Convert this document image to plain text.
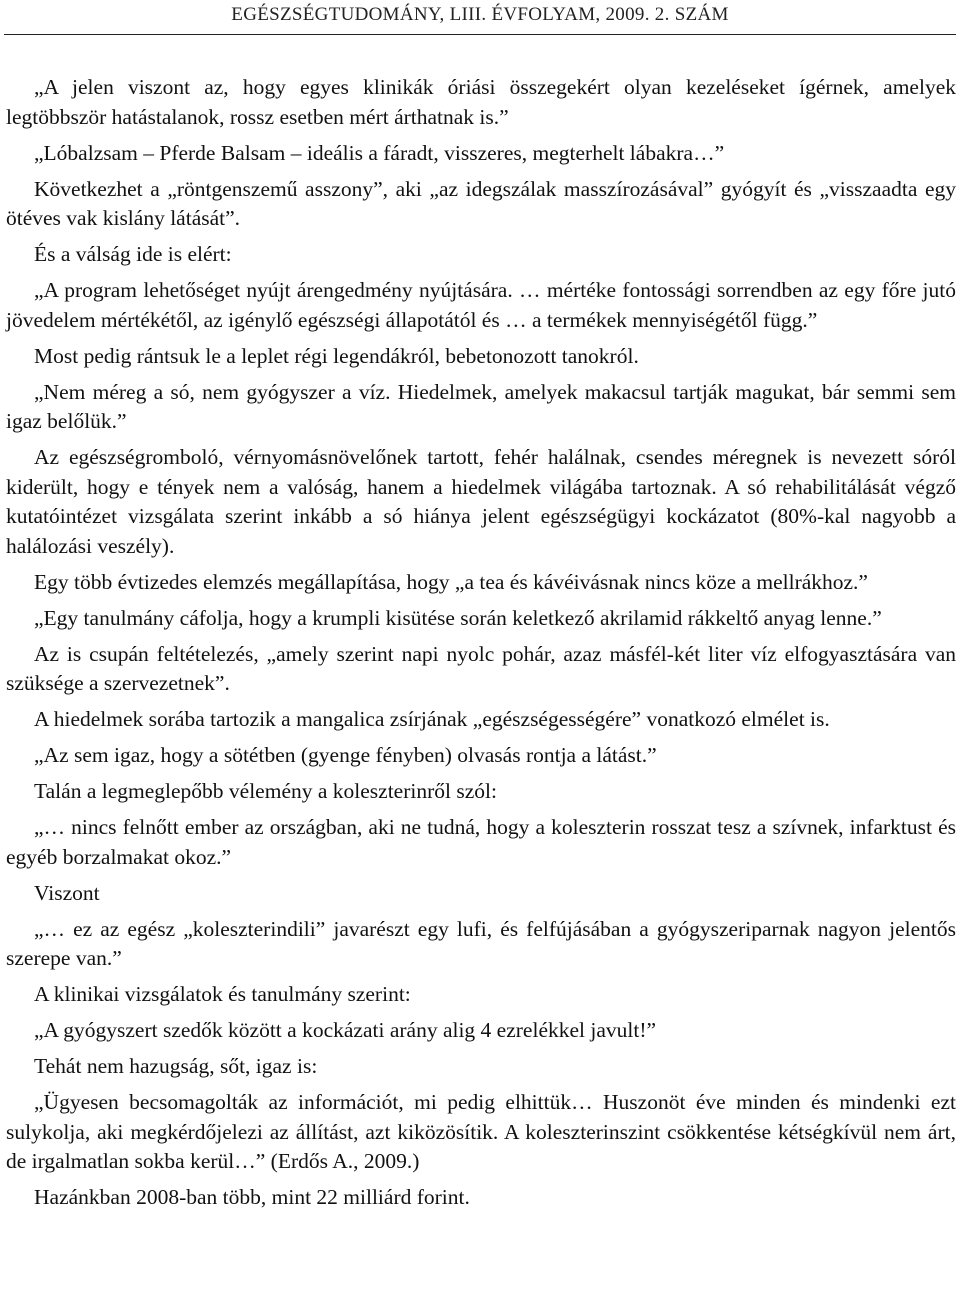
EGÉSZSÉGTUDOMÁNY, LIII. ÉVFOLYAM, 2009. 2. SZÁM

„A jelen viszont az, hogy egyes klinikák óriási összegekért olyan kezeléseket ígérnek, amelyek legtöbbször hatástalanok, rossz esetben mért árthatnak is.”

„Lóbalzsam – Pferde Balsam – ideális a fáradt, visszeres, megterhelt lábakra…”

Következhet a „röntgenszemű asszony”, aki „az idegszálak masszírozásával” gyógyít és „visszaadta egy ötéves vak kislány látását”.

És a válság ide is elért:

„A program lehetőséget nyújt árengedmény nyújtására. … mértéke fontossági sorrendben az egy főre jutó jövedelem mértékétől, az igénylő egészségi állapotától és … a termékek mennyiségétől függ.”

Most pedig rántsuk le a leplet régi legendákról, bebetonozott tanokról.

„Nem méreg a só, nem gyógyszer a víz. Hiedelmek, amelyek makacsul tartják magukat, bár semmi sem igaz belőlük.”

Az egészségromboló, vérnyomásnövelőnek tartott, fehér halálnak, csendes méregnek is nevezett sóról kiderült, hogy e tények nem a valóság, hanem a hiedelmek világába tartoznak. A só rehabilitálását végző kutatóintézet vizsgálata szerint inkább a só hiánya jelent egészségügyi kockázatot (80%-kal nagyobb a halálozási veszély).

Egy több évtizedes elemzés megállapítása, hogy „a tea és kávéivásnak nincs köze a mellrákhoz.”

„Egy tanulmány cáfolja, hogy a krumpli kisütése során keletkező akrilamid rákkeltő anyag lenne.”

Az is csupán feltételezés, „amely szerint napi nyolc pohár, azaz másfél-két liter víz elfogyasztására van szüksége a szervezetnek”.

A hiedelmek sorába tartozik a mangalica zsírjának „egészségességére” vonatkozó elmélet is.

„Az sem igaz, hogy a sötétben (gyenge fényben) olvasás rontja a látást.”

Talán a legmeglepőbb vélemény a koleszterinről szól:

„… nincs felnőtt ember az országban, aki ne tudná, hogy a koleszterin rosszat tesz a szívnek, infarktust és egyéb borzalmakat okoz.”

Viszont

„… ez az egész „koleszterindili” javarészt egy lufi, és felfújásában a gyógyszeriparnak nagyon jelentős szerepe van.”

A klinikai vizsgálatok és tanulmány szerint:

„A gyógyszert szedők között a kockázati arány alig 4 ezrelékkel javult!”

Tehát nem hazugság, sőt, igaz is:

„Ügyesen becsomagolták az információt, mi pedig elhittük… Huszonöt éve minden és mindenki ezt sulykolja, aki megkérdőjelezi az állítást, azt kiközösítik. A koleszterinszint csökkentése kétségkívül nem árt, de irgalmatlan sokba kerül…” (Erdős A., 2009.)

Hazánkban 2008-ban több, mint 22 milliárd forint.
